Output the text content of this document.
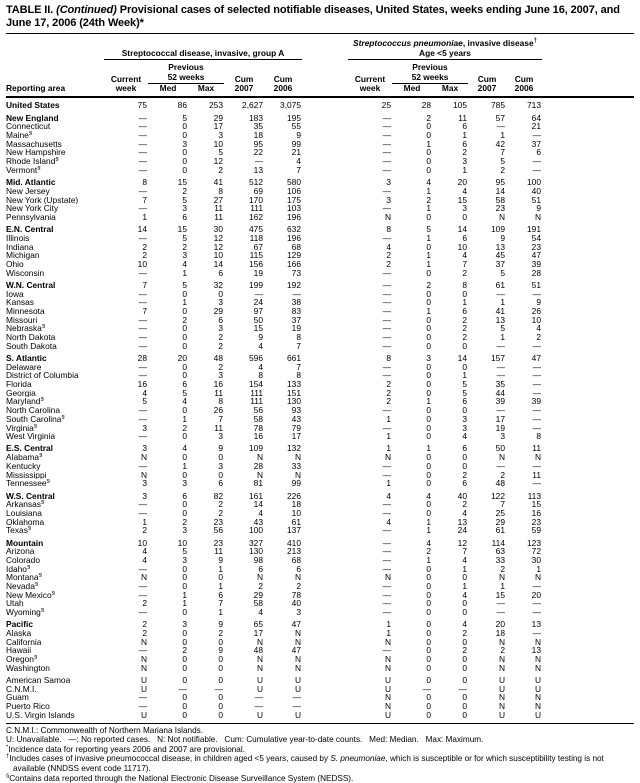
TABLE II. (Continued) Provisional cases of selected notifiable diseases, United States, weeks ending June 16, 2007, and June 17, 2006 (24th Week)*
Streptococcal disease, invasive, group A
Streptococcus pneumoniae, invasive disease†
Age <5 years
Current
Previous
52 weeks	Cum	Cum	Current
Previous
52 weeks	Cum	Cum
Reporting area	week	Med	Max	2007	2006	week	Med	Max	2007	2006
United States	75	86	253	2,627	3,075	25	28	105	785	713
New England	—	5	29	183	195	—	2	11	57	64
Connecticut	—	0	17	35	55	—	0	6	—	21
Maine§	—	0	3	18	9	—	0	1	1	—
Massachusetts	—	3	10	95	99	—	1	6	42	37
New Hampshire	—	0	5	22	21	—	0	2	7	6
Rhode Island§	—	0	12	—	4	—	0	3	5	—
Vermont§	—	0	2	13	7	—	0	1	2	—
Mid. Atlantic	8	15	41	512	580	3	4	20	95	100
New Jersey	—	2	8	69	106	—	1	4	14	40
New York (Upstate)	7	5	27	170	175	3	2	15	58	51
New York City	—	3	11	111	103	—	1	3	23	9
Pennsylvania	1	6	11	162	196	N	0	0	N	N
E.N. Central	14	15	30	475	632	8	5	14	109	191
Illinois	—	5	12	118	196	—	1	6	9	54
Indiana	2	2	12	67	68	4	0	10	13	23
Michigan	2	3	10	115	129	2	1	4	45	47
Ohio	10	4	14	156	166	2	1	7	37	39
Wisconsin	—	1	6	19	73	—	0	2	5	28
W.N. Central	7	5	32	199	192	—	2	8	61	51
Iowa	—	0	0	—	—	—	0	0	—	—
Kansas	—	1	3	24	38	—	0	1	1	9
Minnesota	7	0	29	97	83	—	1	6	41	26
Missouri	—	2	6	50	37	—	0	2	13	10
Nebraska§	—	0	3	15	19	—	0	2	5	4
North Dakota	—	0	2	9	8	—	0	2	1	2
South Dakota	—	0	2	4	7	—	0	0	—	—
S. Atlantic	28	20	48	596	661	8	3	14	157	47
Delaware	—	0	2	4	7	—	0	0	—	—
District of Columbia	—	0	3	8	8	—	0	1	—	—
Florida	16	6	16	154	133	2	0	5	35	—
Georgia	4	5	11	111	151	2	0	5	44	—
Maryland§	5	4	8	111	130	2	1	6	39	39
North Carolina	—	0	26	56	93	—	0	0	—	—
South Carolina§	—	1	7	58	43	1	0	3	17	—
Virginia§	3	2	11	78	79	—	0	3	19	—
West Virginia	—	0	3	16	17	1	0	4	3	8
E.S. Central	3	4	9	109	132	1	1	6	50	11
Alabama§	N	0	0	N	N	N	0	0	N	N
Kentucky	—	1	3	28	33	—	0	0	—	—
Mississippi	N	0	0	N	N	—	0	2	2	11
Tennessee§	3	3	6	81	99	1	0	6	48	—
W.S. Central	3	6	82	161	226	4	4	40	122	113
Arkansas§	—	0	2	14	18	—	0	2	7	15
Louisiana	—	0	2	4	10	—	0	4	25	16
Oklahoma	1	2	23	43	61	4	1	13	29	23
Texas§	2	3	56	100	137	—	1	24	61	59
Mountain	10	10	23	327	410	—	4	12	114	123
Arizona	4	5	11	130	213	—	2	7	63	72
Colorado	4	3	9	98	68	—	1	4	33	30
Idaho§	—	0	1	6	6	—	0	1	2	1
Montana§	N	0	0	N	N	N	0	0	N	N
Nevada§	—	0	1	2	2	—	0	1	1	—
New Mexico§	—	1	6	29	78	—	0	4	15	20
Utah	2	1	7	58	40	—	0	0	—	—
Wyoming§	—	0	1	4	3	—	0	0	—	—
Pacific	2	3	9	65	47	1	0	4	20	13
Alaska	2	0	2	17	N	1	0	2	18	—
California	N	0	0	N	N	N	0	0	N	N
Hawaii	—	2	9	48	47	—	0	2	2	13
Oregon§	N	0	0	N	N	N	0	0	N	N
Washington	N	0	0	N	N	N	0	0	N	N
American Samoa	U	0	0	U	U	U	0	0	U	U
C.N.M.I.	U	—	—	U	U	U	—	—	U	U
Guam	—	0	0	—	—	N	0	0	N	N
Puerto Rico	—	0	0	—	—	N	0	0	N	N
U.S. Virgin Islands	U	0	0	U	U	U	0	0	U	U
C.N.M.I.: Commonwealth of Northern Mariana Islands.
U: Unavailable.   —: No reported cases.   N: Not notifiable.   Cum: Cumulative year-to-date counts.   Med: Median.   Max: Maximum.
*Incidence data for reporting years 2006 and 2007 are provisional.
†Includes cases of invasive pneumococcal disease, in children aged <5 years, caused by S. pneumoniae, which is susceptible or for which susceptibility testing is not available (NNDSS event code 11717).
§Contains data reported through the National Electronic Disease Surveillance System (NEDSS).
